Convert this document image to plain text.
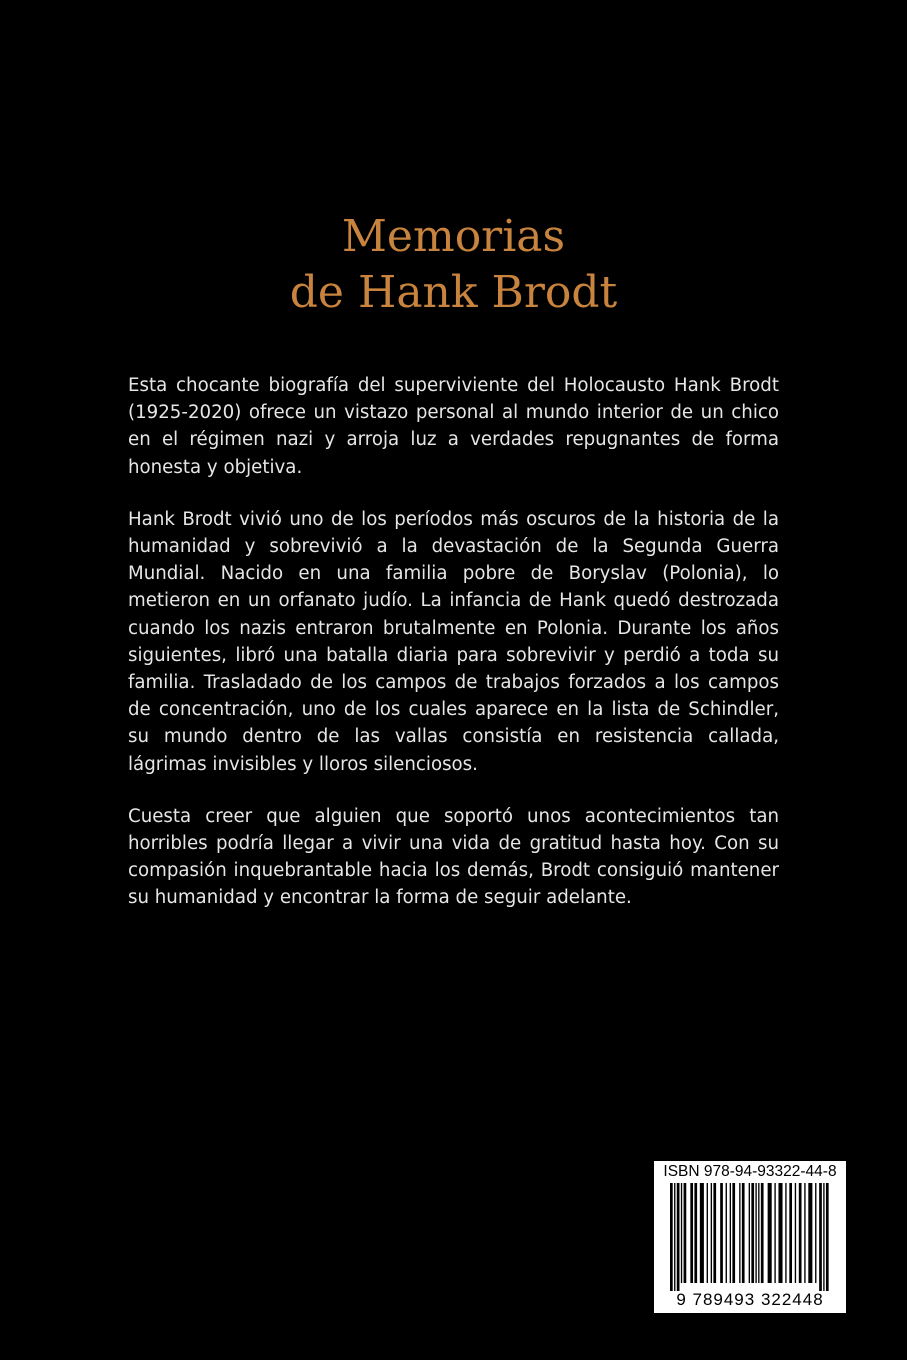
Memorias
de Hank Brodt

Esta chocante biografía del superviviente del Holocausto Hank Brodt (1925-2020) ofrece un vistazo personal al mundo interior de un chico en el régimen nazi y arroja luz a verdades repugnantes de forma honesta y objetiva.

Hank Brodt vivió uno de los períodos más oscuros de la historia de la humanidad y sobrevivió a la devastación de la Segunda Guerra Mundial. Nacido en una familia pobre de Boryslav (Polonia), lo metieron en un orfanato judío. La infancia de Hank quedó destrozada cuando los nazis entraron brutalmente en Polonia. Durante los años siguientes, libró una batalla diaria para sobrevivir y perdió a toda su familia. Trasladado de los campos de trabajos forzados a los campos de concentración, uno de los cuales aparece en la lista de Schindler, su mundo dentro de las vallas consistía en resistencia callada, lágrimas invisibles y lloros silenciosos.

Cuesta creer que alguien que soportó unos acontecimientos tan horribles podría llegar a vivir una vida de gratitud hasta hoy. Con su compasión inquebrantable hacia los demás, Brodt consiguió mantener su humanidad y encontrar la forma de seguir adelante.

ISBN 978-94-93322-44-8
9 789493 322448
